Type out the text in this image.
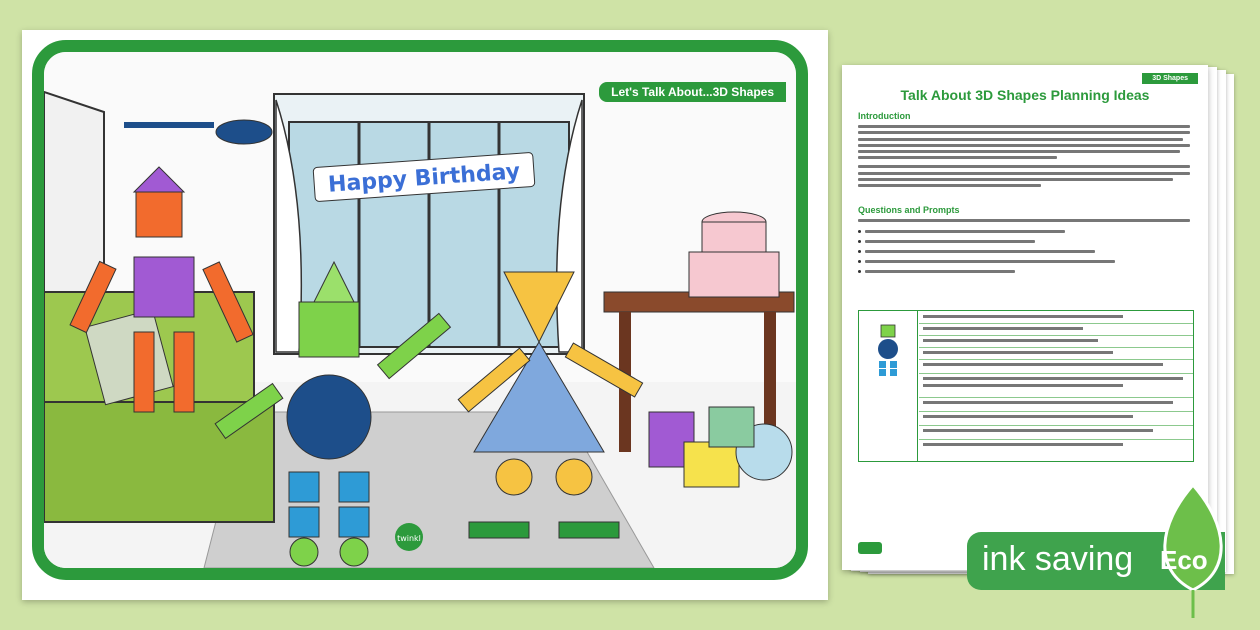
Happy Birthday
twinkl
Let's Talk About...3D Shapes
3D Shapes
Talk About 3D Shapes Planning Ideas
Introduction
Questions and Prompts
ink saving Eco
